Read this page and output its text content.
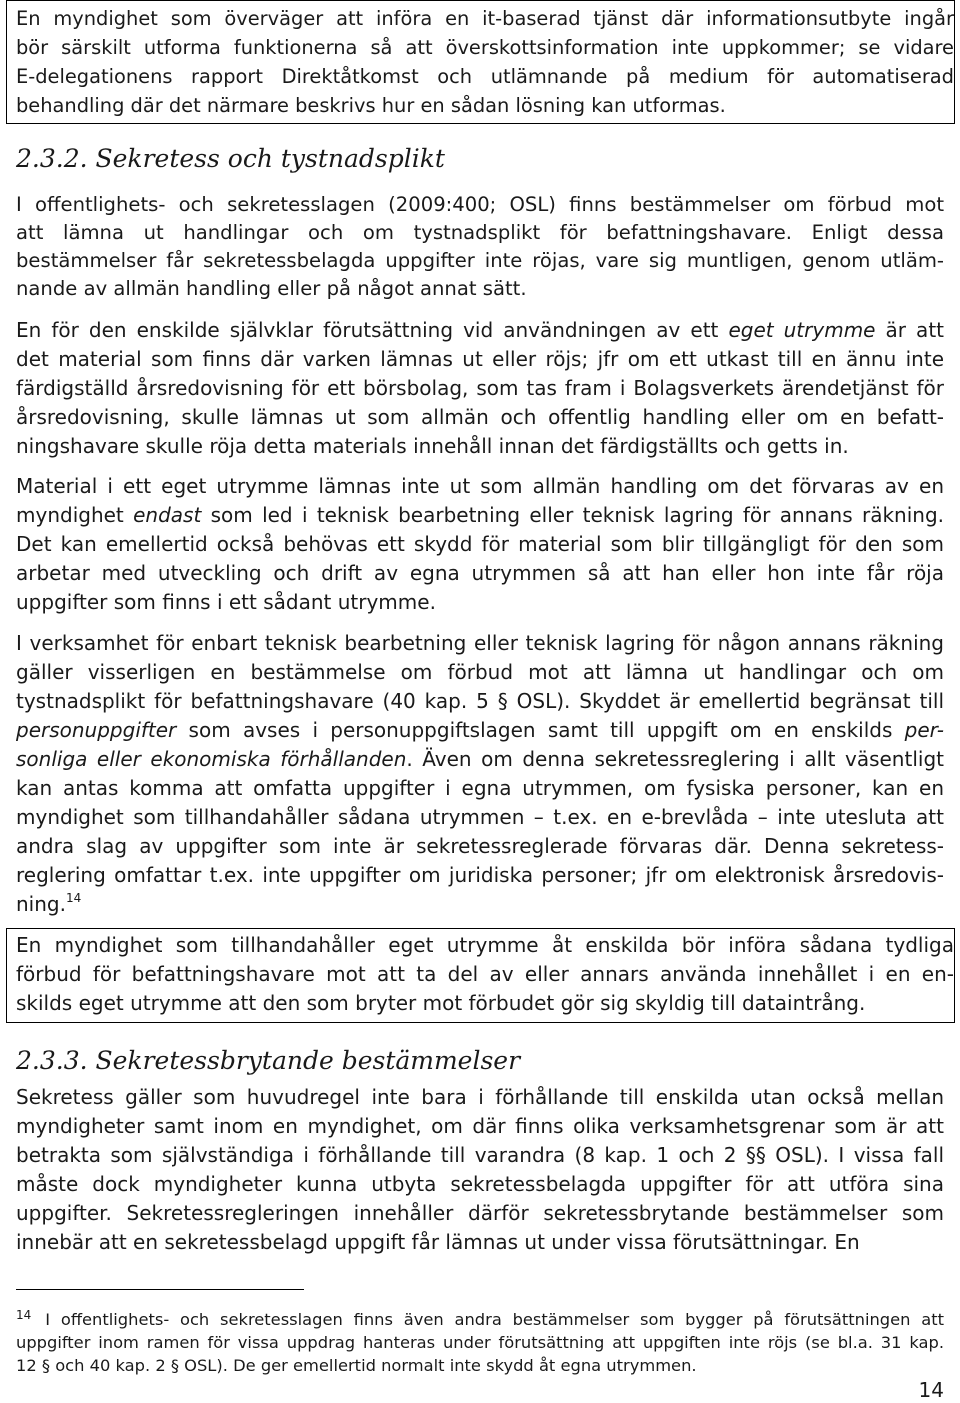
En myndighet som överväger att införa en it-baserad tjänst där informationsutbyte ingår
bör särskilt utforma funktionerna så att överskottsinformation inte uppkommer; se vidare
E-delegationens rapport Direktåtkomst och utlämnande på medium för automatiserad
behandling där det närmare beskrivs hur en sådan lösning kan utformas.
2.3.2. Sekretess och tystnadsplikt

I offentlighets- och sekretesslagen (2009:400; OSL) finns bestämmelser om förbud mot
att lämna ut handlingar och om tystnadsplikt för befattningshavare. Enligt dessa
bestämmelser får sekretessbelagda uppgifter inte röjas, vare sig muntligen, genom utläm-
nande av allmän handling eller på något annat sätt.

En för den enskilde självklar förutsättning vid användningen av ett eget utrymme är att
det material som finns där varken lämnas ut eller röjs; jfr om ett utkast till en ännu inte
färdigställd årsredovisning för ett börsbolag, som tas fram i Bolagsverkets ärendetjänst för
årsredovisning, skulle lämnas ut som allmän och offentlig handling eller om en befatt-
ningshavare skulle röja detta materials innehåll innan det färdigställts och getts in.

Material i ett eget utrymme lämnas inte ut som allmän handling om det förvaras av en
myndighet endast som led i teknisk bearbetning eller teknisk lagring för annans räkning.
Det kan emellertid också behövas ett skydd för material som blir tillgängligt för den som
arbetar med utveckling och drift av egna utrymmen så att han eller hon inte får röja
uppgifter som finns i ett sådant utrymme.

I verksamhet för enbart teknisk bearbetning eller teknisk lagring för någon annans räkning
gäller visserligen en bestämmelse om förbud mot att lämna ut handlingar och om
tystnadsplikt för befattningshavare (40 kap. 5 § OSL). Skyddet är emellertid begränsat till
personuppgifter som avses i personuppgiftslagen samt till uppgift om en enskilds per-
sonliga eller ekonomiska förhållanden. Även om denna sekretessreglering i allt väsentligt
kan antas komma att omfatta uppgifter i egna utrymmen, om fysiska personer, kan en
myndighet som tillhandahåller sådana utrymmen – t.ex. en e-brevlåda – inte utesluta att
andra slag av uppgifter som inte är sekretessreglerade förvaras där. Denna sekretess-
reglering omfattar t.ex. inte uppgifter om juridiska personer; jfr om elektronisk årsredovis-
ning.$^{14}$

En myndighet som tillhandahåller eget utrymme åt enskilda bör införa sådana tydliga
förbud för befattningshavare mot att ta del av eller annars använda innehållet i en en-
skilds eget utrymme att den som bryter mot förbudet gör sig skyldig till dataintrång.
2.3.3. Sekretessbrytande bestämmelser

Sekretess gäller som huvudregel inte bara i förhållande till enskilda utan också mellan
myndigheter samt inom en myndighet, om där finns olika verksamhetsgrenar som är att
betrakta som självständiga i förhållande till varandra (8 kap. 1 och 2 §§ OSL). I vissa fall
måste dock myndigheter kunna utbyta sekretessbelagda uppgifter för att utföra sina
uppgifter. Sekretessregleringen innehåller därför sekretessbrytande bestämmelser som
innebär att en sekretessbelagd uppgift får lämnas ut under vissa förutsättningar. En

$^{14}$ I offentlighets- och sekretesslagen finns även andra bestämmelser som bygger på förutsättningen att
uppgifter inom ramen för vissa uppdrag hanteras under förutsättning att uppgiften inte röjs (se bl.a. 31 kap.
12 § och 40 kap. 2 § OSL). De ger emellertid normalt inte skydd åt egna utrymmen.

14
